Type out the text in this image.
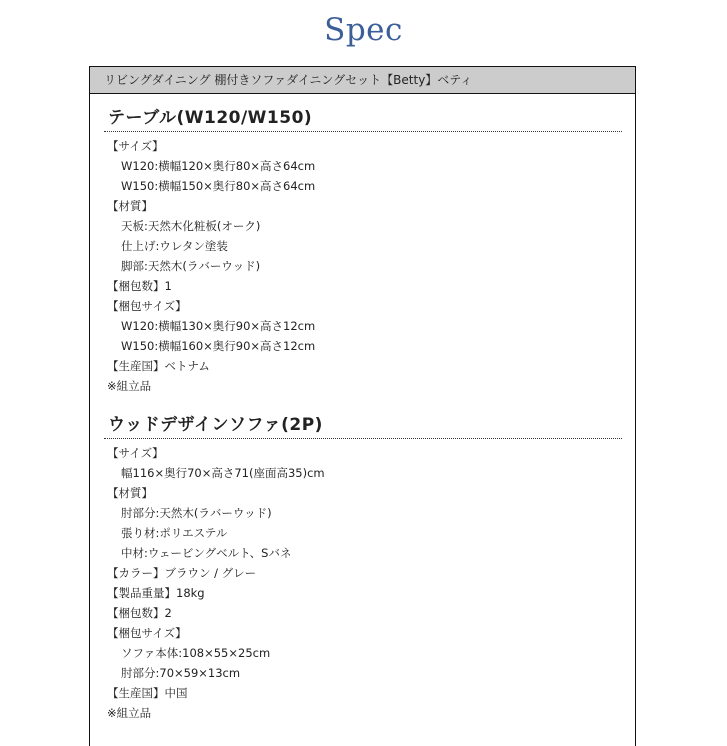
Spec
リビングダイニング 棚付きソファダイニングセット【Betty】ベティ
テーブル(W120/W150)
【サイズ】
W120:横幅120×奥行80×高さ64cm
W150:横幅150×奥行80×高さ64cm
【材質】
天板:天然木化粧板(オーク)
仕上げ:ウレタン塗装
脚部:天然木(ラバーウッド)
【梱包数】1
【梱包サイズ】
W120:横幅130×奥行90×高さ12cm
W150:横幅160×奥行90×高さ12cm
【生産国】ベトナム
※組立品
ウッドデザインソファ(2P)
【サイズ】
幅116×奥行70×高さ71(座面高35)cm
【材質】
肘部分:天然木(ラバーウッド)
張り材:ポリエステル
中材:ウェービングベルト、Sバネ
【カラー】ブラウン / グレー
【製品重量】18kg
【梱包数】2
【梱包サイズ】
ソファ本体:108×55×25cm
肘部分:70×59×13cm
【生産国】中国
※組立品
